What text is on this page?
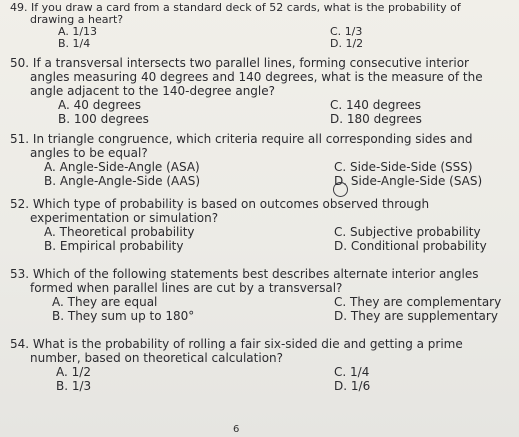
49. If you draw a card from a standard deck of 52 cards, what is the probability of drawing a heart?

A. 1/13
B. 1/4
C. 1/3
D. 1/2

50. If a transversal intersects two parallel lines, forming consecutive interior angles measuring 40 degrees and 140 degrees, what is the measure of the angle adjacent to the 140-degree angle?

A. 40 degrees
B. 100 degrees
C. 140 degrees
D. 180 degrees

51. In triangle congruence, which criteria require all corresponding sides and angles to be equal?

A. Angle-Side-Angle (ASA)
B. Angle-Angle-Side (AAS)
C. Side-Side-Side (SSS)
D. Side-Angle-Side (SAS)

52. Which type of probability is based on outcomes observed through experimentation or simulation?

A. Theoretical probability
B. Empirical probability
C. Subjective probability
D. Conditional probability

53. Which of the following statements best describes alternate interior angles formed when parallel lines are cut by a transversal?

A. They are equal
B. They sum up to 180°
C. They are complementary
D. They are supplementary

54. What is the probability of rolling a fair six-sided die and getting a prime number, based on theoretical calculation?

A. 1/2
B. 1/3
C. 1/4
D. 1/6
6
